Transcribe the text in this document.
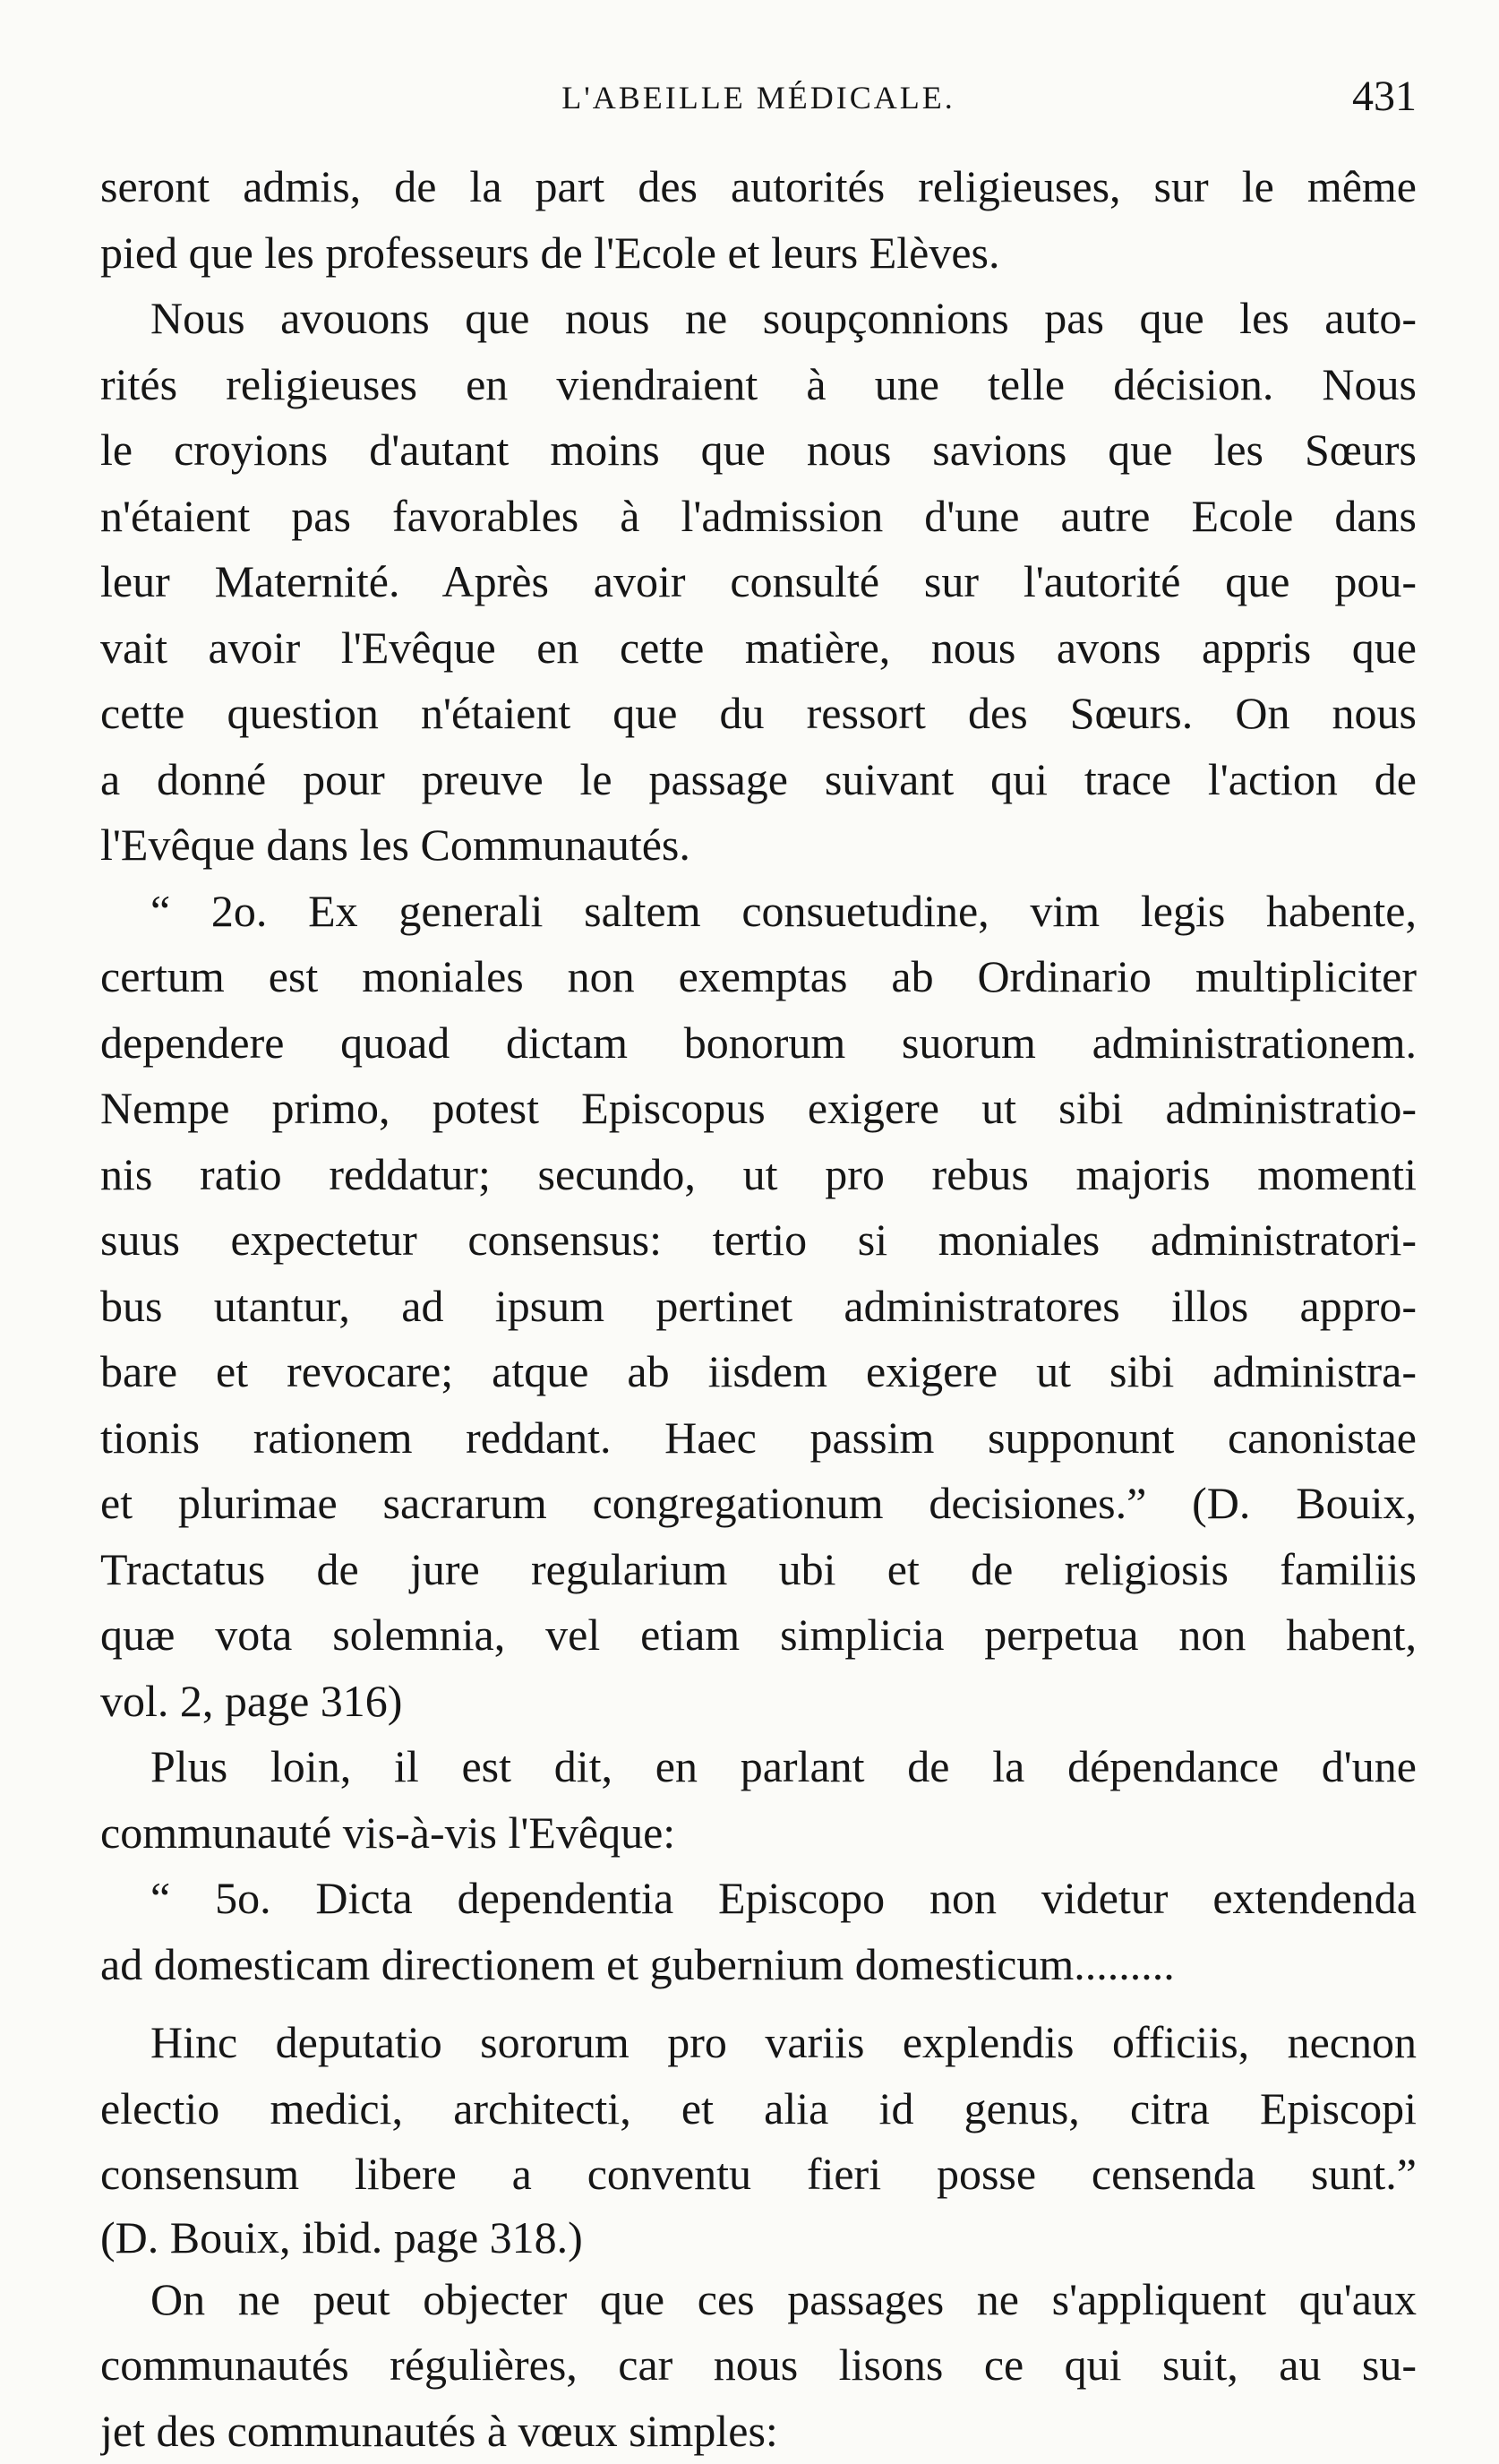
L'ABEILLE MÉDICALE.	431
seront admis, de la part des autorités religieuses, sur le même
pied que les professeurs de l'Ecole et leurs Elèves.
Nous avouons que nous ne soupçonnions pas que les auto-
rités religieuses en viendraient à une telle décision. Nous
le croyions d'autant moins que nous savions que les Sœurs
n'étaient pas favorables à l'admission d'une autre Ecole dans
leur Maternité. Après avoir consulté sur l'autorité que pou-
vait avoir l'Evêque en cette matière, nous avons appris que
cette question n'étaient que du ressort des Sœurs. On nous
a donné pour preuve le passage suivant qui trace l'action de
l'Evêque dans les Communautés.
“ 2o. Ex generali saltem consuetudine, vim legis habente,
certum est moniales non exemptas ab Ordinario multipliciter
dependere quoad dictam bonorum suorum administrationem.
Nempe primo, potest Episcopus exigere ut sibi administratio-
nis ratio reddatur; secundo, ut pro rebus majoris momenti
suus expectetur consensus: tertio si moniales administratori-
bus utantur, ad ipsum pertinet administratores illos appro-
bare et revocare; atque ab iisdem exigere ut sibi administra-
tionis rationem reddant. Haec passim supponunt canonistae
et plurimae sacrarum congregationum decisiones.” (D. Bouix,
Tractatus de jure regularium ubi et de religiosis familiis
quæ vota solemnia, vel etiam simplicia perpetua non habent,
vol. 2, page 316)
Plus loin, il est dit, en parlant de la dépendance d'une
communauté vis-à-vis l'Evêque:
“ 5o. Dicta dependentia Episcopo non videtur extendenda
ad domesticam directionem et gubernium domesticum.........
Hinc deputatio sororum pro variis explendis officiis, necnon
electio medici, architecti, et alia id genus, citra Episcopi
consensum libere a conventu fieri posse censenda sunt.”
(D. Bouix, ibid. page 318.)
On ne peut objecter que ces passages ne s'appliquent qu'aux
communautés régulières, car nous lisons ce qui suit, au su-
jet des communautés à vœux simples:
